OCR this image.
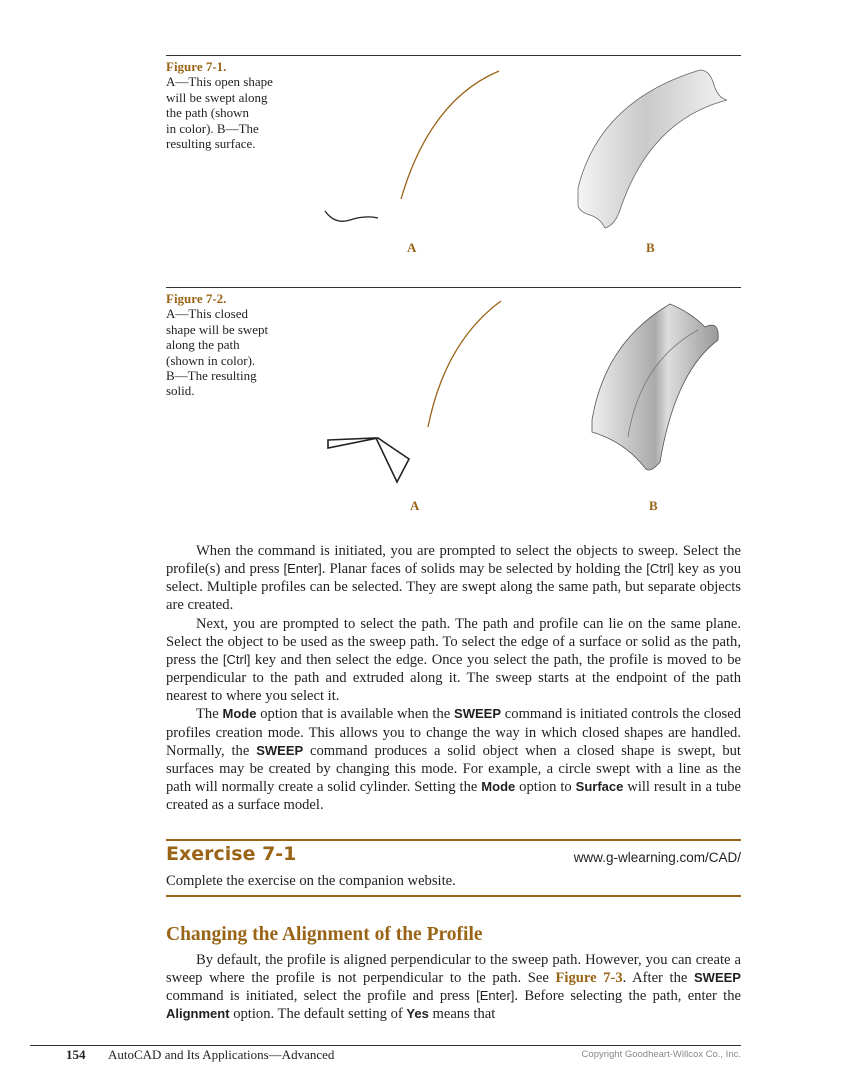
Figure 7-1.
A—This open shape
will be swept along
the path (shown
in color). B—The
resulting surface.
A	B
Figure 7-2.
A—This closed
shape will be swept
along the path
(shown in color).
B—The resulting
solid.
A	B

When the command is initiated, you are prompted to select the objects to sweep. Select the profile(s) and press [Enter]. Planar faces of solids may be selected by holding the [Ctrl] key as you select. Multiple profiles can be selected. They are swept along the same path, but separate objects are created.

Next, you are prompted to select the path. The path and profile can lie on the same plane. Select the object to be used as the sweep path. To select the edge of a surface or solid as the path, press the [Ctrl] key and then select the edge. Once you select the path, the profile is moved to be perpendicular to the path and extruded along it. The sweep starts at the endpoint of the path nearest to where you select it.

The Mode option that is available when the SWEEP command is initiated controls the closed profiles creation mode. This allows you to change the way in which closed shapes are handled. Normally, the SWEEP command produces a solid object when a closed shape is swept, but surfaces may be created by changing this mode. For example, a circle swept with a line as the path will normally create a solid cylinder. Setting the Mode option to Surface will result in a tube created as a surface model.

Exercise 7-1	www.g-wlearning.com/CAD/
Complete the exercise on the companion website.
Changing the Alignment of the Profile

By default, the profile is aligned perpendicular to the sweep path. However, you can create a sweep where the profile is not perpendicular to the path. See Figure 7-3. After the SWEEP command is initiated, select the profile and press [Enter]. Before selecting the path, enter the Alignment option. The default setting of Yes means that

154 AutoCAD and Its Applications—Advanced	Copyright Goodheart-Willcox Co., Inc.
